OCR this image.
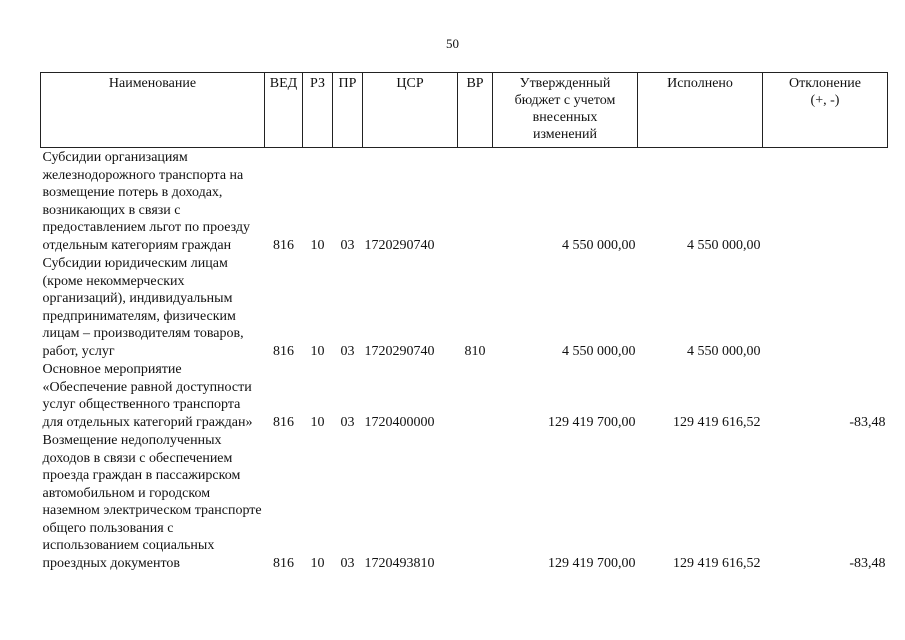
50
Наименование	ВЕД	РЗ	ПР	ЦСР	ВР	Утвержденный бюджет с учетом внесенных изменений	Исполнено	Отклонение (+, -)

Субсидии организациям железнодорожного транспорта на возмещение потерь в доходах, возникающих в связи с предоставлением льгот по проезду отдельным категориям граждан	816	10	03	1720290740		4 550 000,00	4 550 000,00	

Субсидии юридическим лицам (кроме некоммерческих организаций), индивидуальным предпринимателям, физическим лицам – производителям товаров, работ, услуг	816	10	03	1720290740	810	4 550 000,00	4 550 000,00	

Основное мероприятие «Обеспечение равной доступности услуг общественного транспорта для отдельных категорий граждан»	816	10	03	1720400000		129 419 700,00	129 419 616,52	-83,48

Возмещение недополученных доходов в связи с обеспечением проезда граждан в пассажирском автомобильном и городском наземном электрическом транспорте общего пользования с использованием социальных проездных документов	816	10	03	1720493810		129 419 700,00	129 419 616,52	-83,48
